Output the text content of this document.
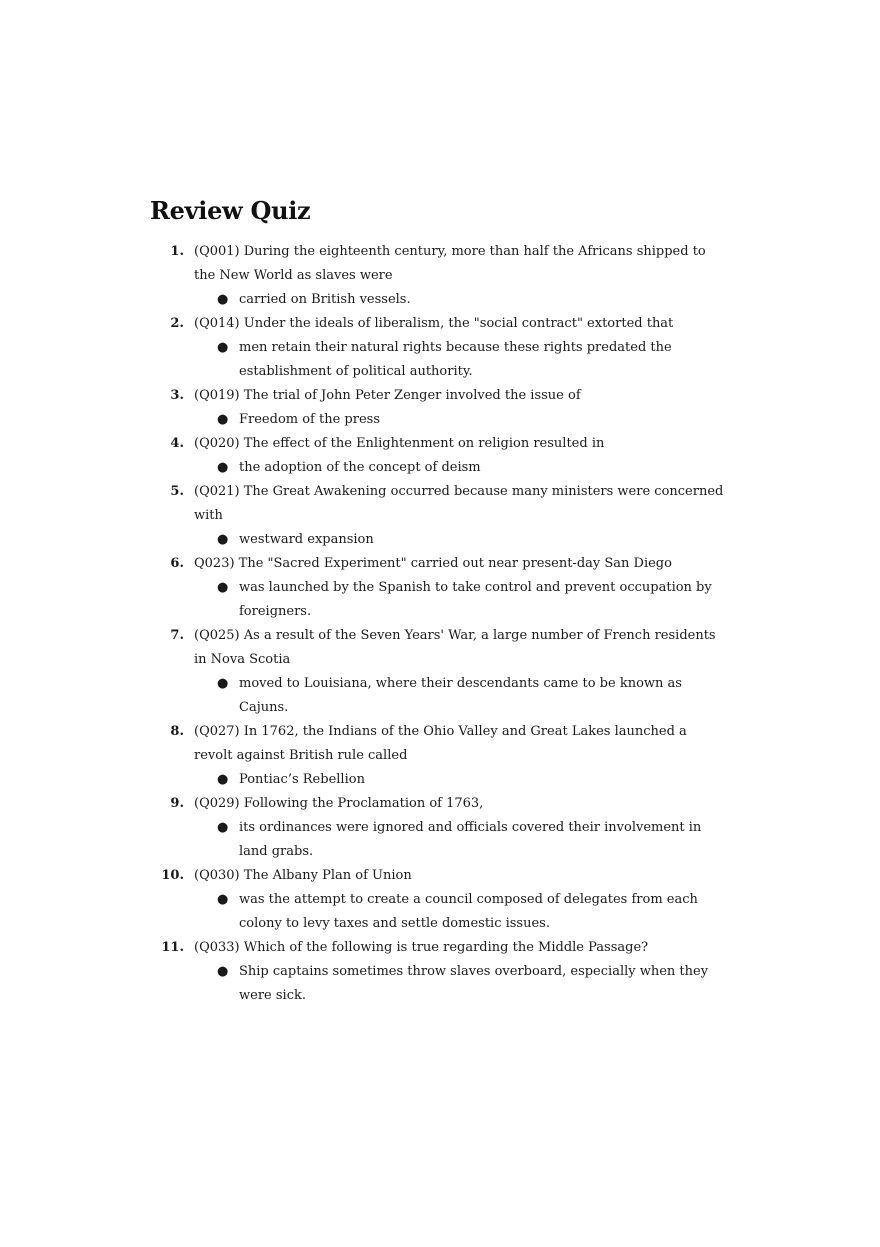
Review Quiz
1. (Q001) During the eighteenth century, more than half the Africans shipped to the New World as slaves were
● carried on British vessels.
2. (Q014) Under the ideals of liberalism, the "social contract" extorted that
● men retain their natural rights because these rights predated the establishment of political authority.
3. (Q019) The trial of John Peter Zenger involved the issue of
● Freedom of the press
4. (Q020) The effect of the Enlightenment on religion resulted in
● the adoption of the concept of deism
5. (Q021) The Great Awakening occurred because many ministers were concerned with
● westward expansion
6. Q023) The "Sacred Experiment" carried out near present-day San Diego
● was launched by the Spanish to take control and prevent occupation by foreigners.
7. (Q025) As a result of the Seven Years' War, a large number of French residents in Nova Scotia
● moved to Louisiana, where their descendants came to be known as Cajuns.
8. (Q027) In 1762, the Indians of the Ohio Valley and Great Lakes launched a revolt against British rule called
● Pontiac’s Rebellion
9. (Q029) Following the Proclamation of 1763,
● its ordinances were ignored and officials covered their involvement in land grabs.
10. (Q030) The Albany Plan of Union
● was the attempt to create a council composed of delegates from each colony to levy taxes and settle domestic issues.
11. (Q033) Which of the following is true regarding the Middle Passage?
● Ship captains sometimes throw slaves overboard, especially when they were sick.
